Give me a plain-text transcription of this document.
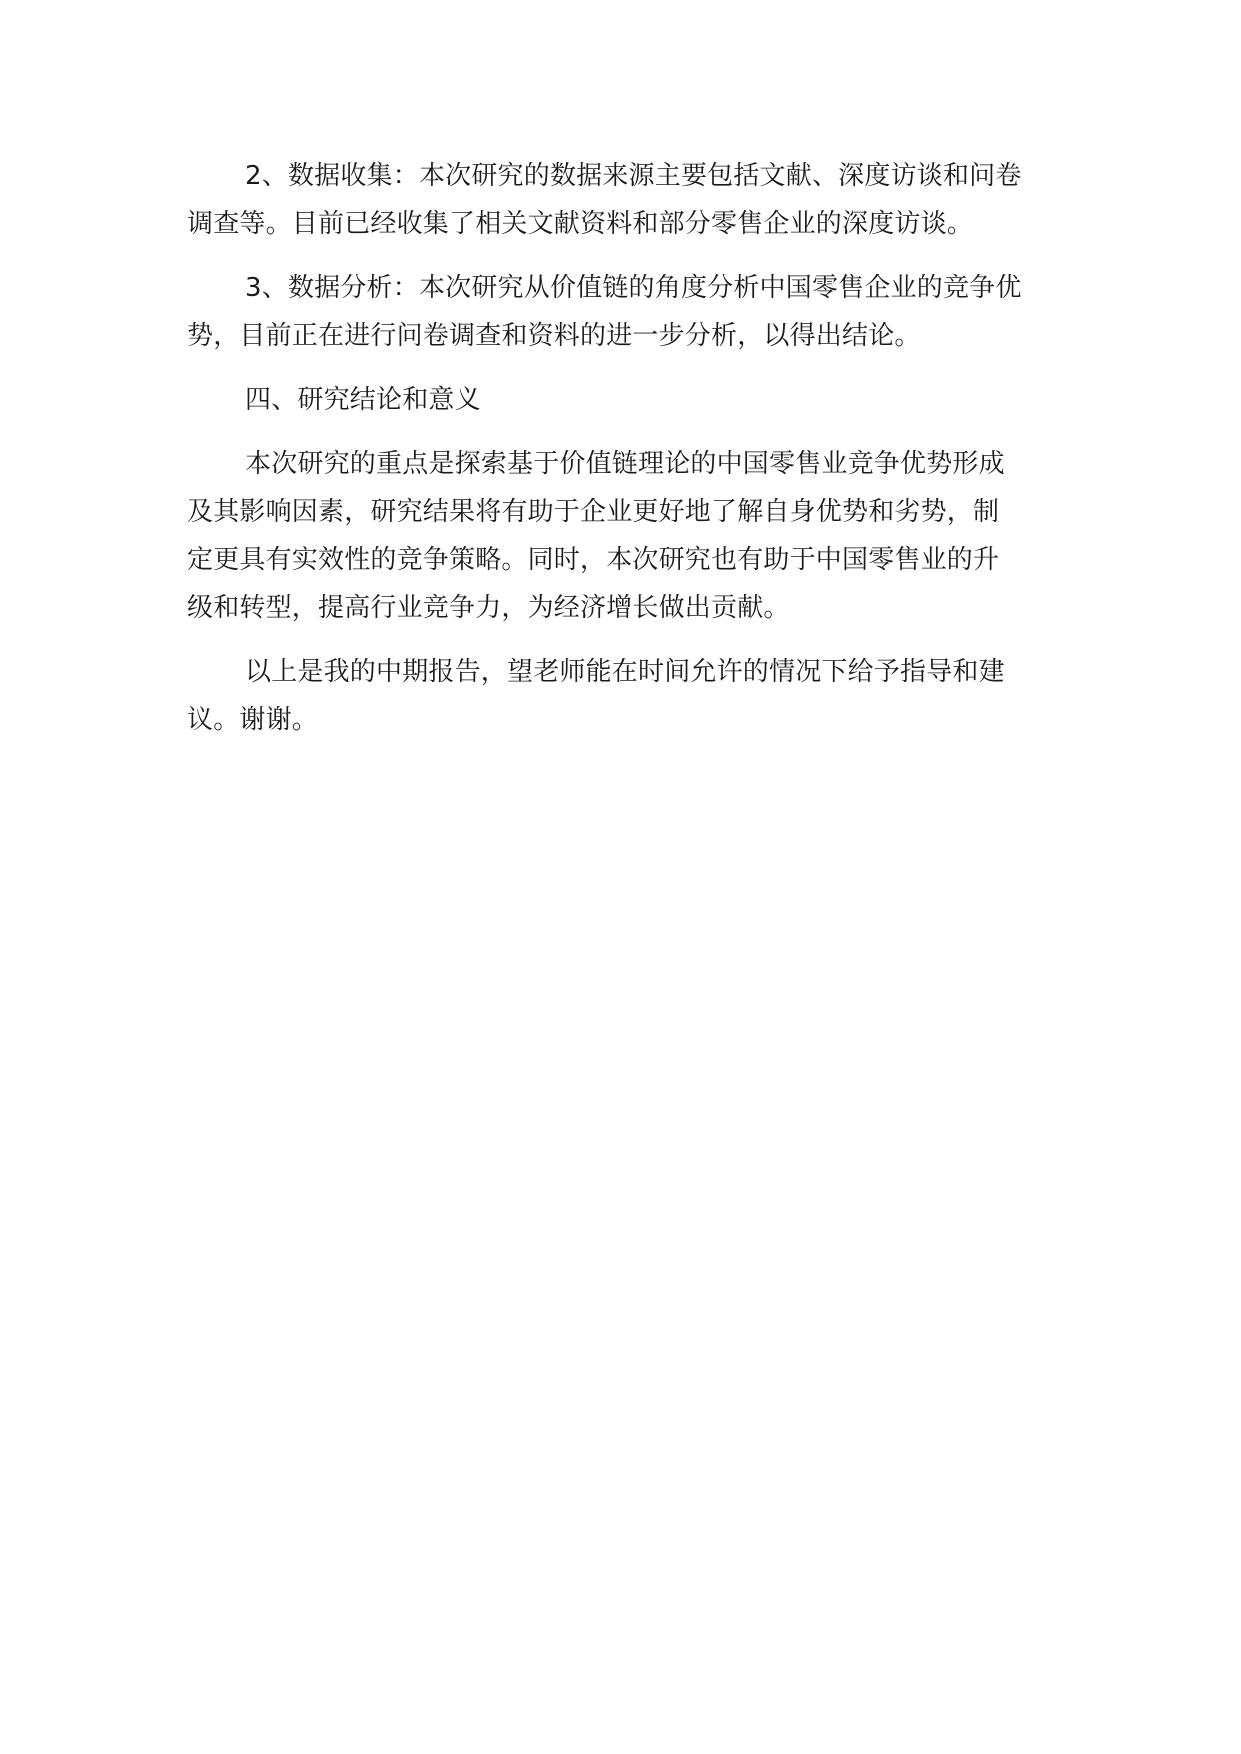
2、数据收集：本次研究的数据来源主要包括文献、深度访谈和问卷
调查等。目前已经收集了相关文献资料和部分零售企业的深度访谈。

3、数据分析：本次研究从价值链的角度分析中国零售企业的竞争优
势，目前正在进行问卷调查和资料的进一步分析，以得出结论。

四、研究结论和意义

本次研究的重点是探索基于价值链理论的中国零售业竞争优势形成
及其影响因素，研究结果将有助于企业更好地了解自身优势和劣势，制
定更具有实效性的竞争策略。同时，本次研究也有助于中国零售业的升
级和转型，提高行业竞争力，为经济增长做出贡献。

以上是我的中期报告，望老师能在时间允许的情况下给予指导和建
议。谢谢。
